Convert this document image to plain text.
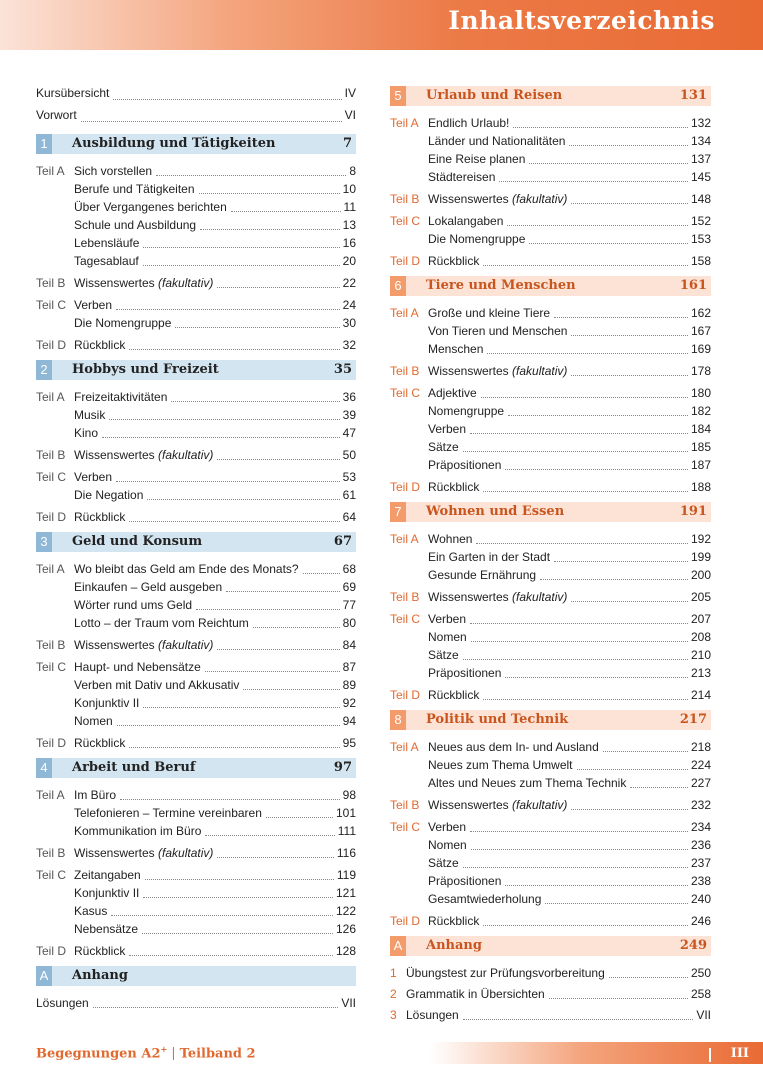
Inhaltsverzeichnis
Kursübersicht	IV
Vorwort	VI
1	Ausbildung und Tätigkeiten	7
Teil A Sich vorstellen	8
Berufe und Tätigkeiten	10
Über Vergangenes berichten	11
Schule und Ausbildung	13
Lebensläufe	16
Tagesablauf	20
Teil B Wissenswertes (fakultativ)	22
Teil C Verben	24
Die Nomengruppe	30
Teil D Rückblick	32
2	Hobbys und Freizeit	35
Teil A Freizeitaktivitäten	36
Musik	39
Kino	47
Teil B Wissenswertes (fakultativ)	50
Teil C Verben	53
Die Negation	61
Teil D Rückblick	64
3	Geld und Konsum	67
Teil A Wo bleibt das Geld am Ende des Monats?	68
Einkaufen – Geld ausgeben	69
Wörter rund ums Geld	77
Lotto – der Traum vom Reichtum	80
Teil B Wissenswertes (fakultativ)	84
Teil C Haupt- und Nebensätze	87
Verben mit Dativ und Akkusativ	89
Konjunktiv II	92
Nomen	94
Teil D Rückblick	95
4	Arbeit und Beruf	97
Teil A Im Büro	98
Telefonieren – Termine vereinbaren	101
Kommunikation im Büro	111
Teil B Wissenswertes (fakultativ)	116
Teil C Zeitangaben	119
Konjunktiv II	121
Kasus	122
Nebensätze	126
Teil D Rückblick	128
A	Anhang
Lösungen	VII
5	Urlaub und Reisen	131
Teil A Endlich Urlaub!	132
Länder und Nationalitäten	134
Eine Reise planen	137
Städtereisen	145
Teil B Wissenswertes (fakultativ)	148
Teil C Lokalangaben	152
Die Nomengruppe	153
Teil D Rückblick	158
6	Tiere und Menschen	161
Teil A Große und kleine Tiere	162
Von Tieren und Menschen	167
Menschen	169
Teil B Wissenswertes (fakultativ)	178
Teil C Adjektive	180
Nomengruppe	182
Verben	184
Sätze	185
Präpositionen	187
Teil D Rückblick	188
7	Wohnen und Essen	191
Teil A Wohnen	192
Ein Garten in der Stadt	199
Gesunde Ernährung	200
Teil B Wissenswertes (fakultativ)	205
Teil C Verben	207
Nomen	208
Sätze	210
Präpositionen	213
Teil D Rückblick	214
8	Politik und Technik	217
Teil A Neues aus dem In- und Ausland	218
Neues zum Thema Umwelt	224
Altes und Neues zum Thema Technik	227
Teil B Wissenswertes (fakultativ)	232
Teil C Verben	234
Nomen	236
Sätze	237
Präpositionen	238
Gesamtwiederholung	240
Teil D Rückblick	246
A	Anhang	249
1 Übungstest zur Prüfungsvorbereitung	250
2 Grammatik in Übersichten	258
3 Lösungen	VII
Begegnungen A2+ | Teilband 2	III
